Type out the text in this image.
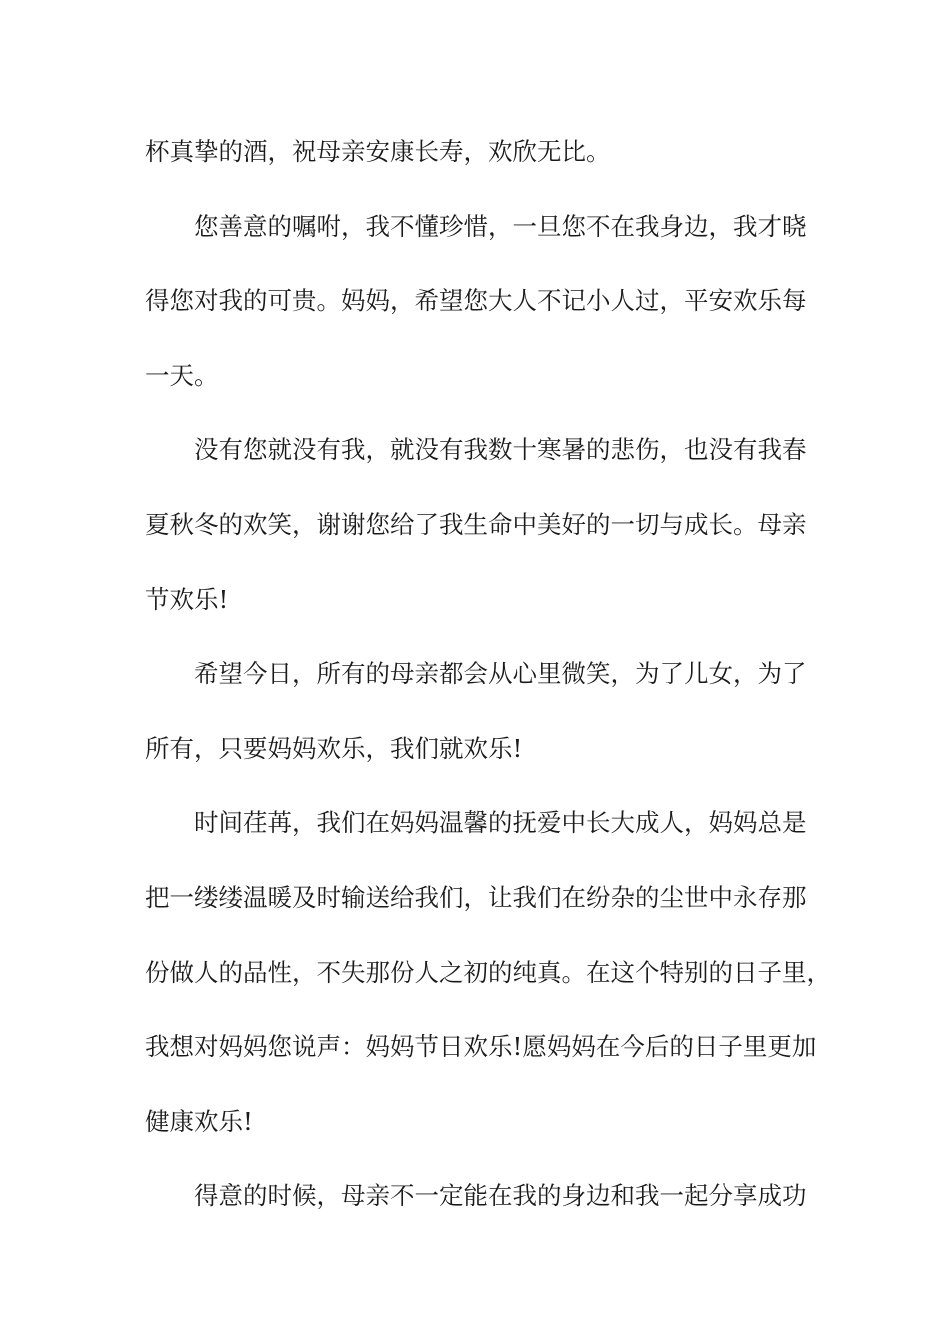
杯真挚的酒，祝母亲安康长寿，欢欣无比。
您善意的嘱咐，我不懂珍惜，一旦您不在我身边，我才晓
得您对我的可贵。妈妈，希望您大人不记小人过，平安欢乐每
一天。
没有您就没有我，就没有我数十寒暑的悲伤，也没有我春
夏秋冬的欢笑，谢谢您给了我生命中美好的一切与成长。母亲
节欢乐!
希望今日，所有的母亲都会从心里微笑，为了儿女，为了
所有，只要妈妈欢乐，我们就欢乐!
时间荏苒，我们在妈妈温馨的抚爱中长大成人，妈妈总是
把一缕缕温暖及时输送给我们，让我们在纷杂的尘世中永存那
份做人的品性，不失那份人之初的纯真。在这个特别的日子里，
我想对妈妈您说声：妈妈节日欢乐!愿妈妈在今后的日子里更加
健康欢乐!
得意的时候，母亲不一定能在我的身边和我一起分享成功
